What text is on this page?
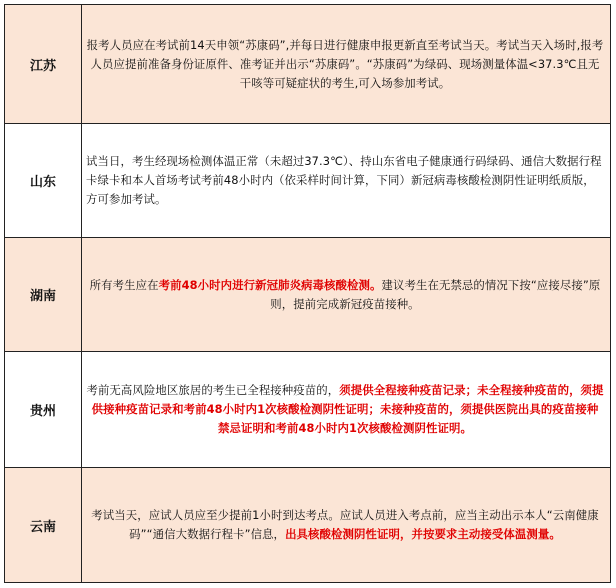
江苏
报考人员应在考试前14天申领“苏康码”,并每日进行健康申报更新直至考试当天。考试当天入场时,报考人员应提前准备身份证原件、准考证并出示“苏康码”。“苏康码”为绿码、现场测量体温<37.3℃且无干咳等可疑症状的考生,可入场参加考试。
山东
试当日，考生经现场检测体温正常（未超过37.3℃）、持山东省电子健康通行码绿码、通信大数据行程卡绿卡和本人首场考试考前48小时内（依采样时间计算，下同）新冠病毒核酸检测阴性证明纸质版，方可参加考试。
湖南
所有考生应在考前48小时内进行新冠肺炎病毒核酸检测。建议考生在无禁忌的情况下按“应接尽接”原则，提前完成新冠疫苗接种。
贵州
考前无高风险地区旅居的考生已全程接种疫苗的，须提供全程接种疫苗记录；未全程接种疫苗的，须提供接种疫苗记录和考前48小时内1次核酸检测阴性证明；未接种疫苗的，须提供医院出具的疫苗接种禁忌证明和考前48小时内1次核酸检测阴性证明。
云南
考试当天，应试人员应至少提前1小时到达考点。应试人员进入考点前，应当主动出示本人“云南健康码”“通信大数据行程卡”信息，出具核酸检测阴性证明，并按要求主动接受体温测量。
